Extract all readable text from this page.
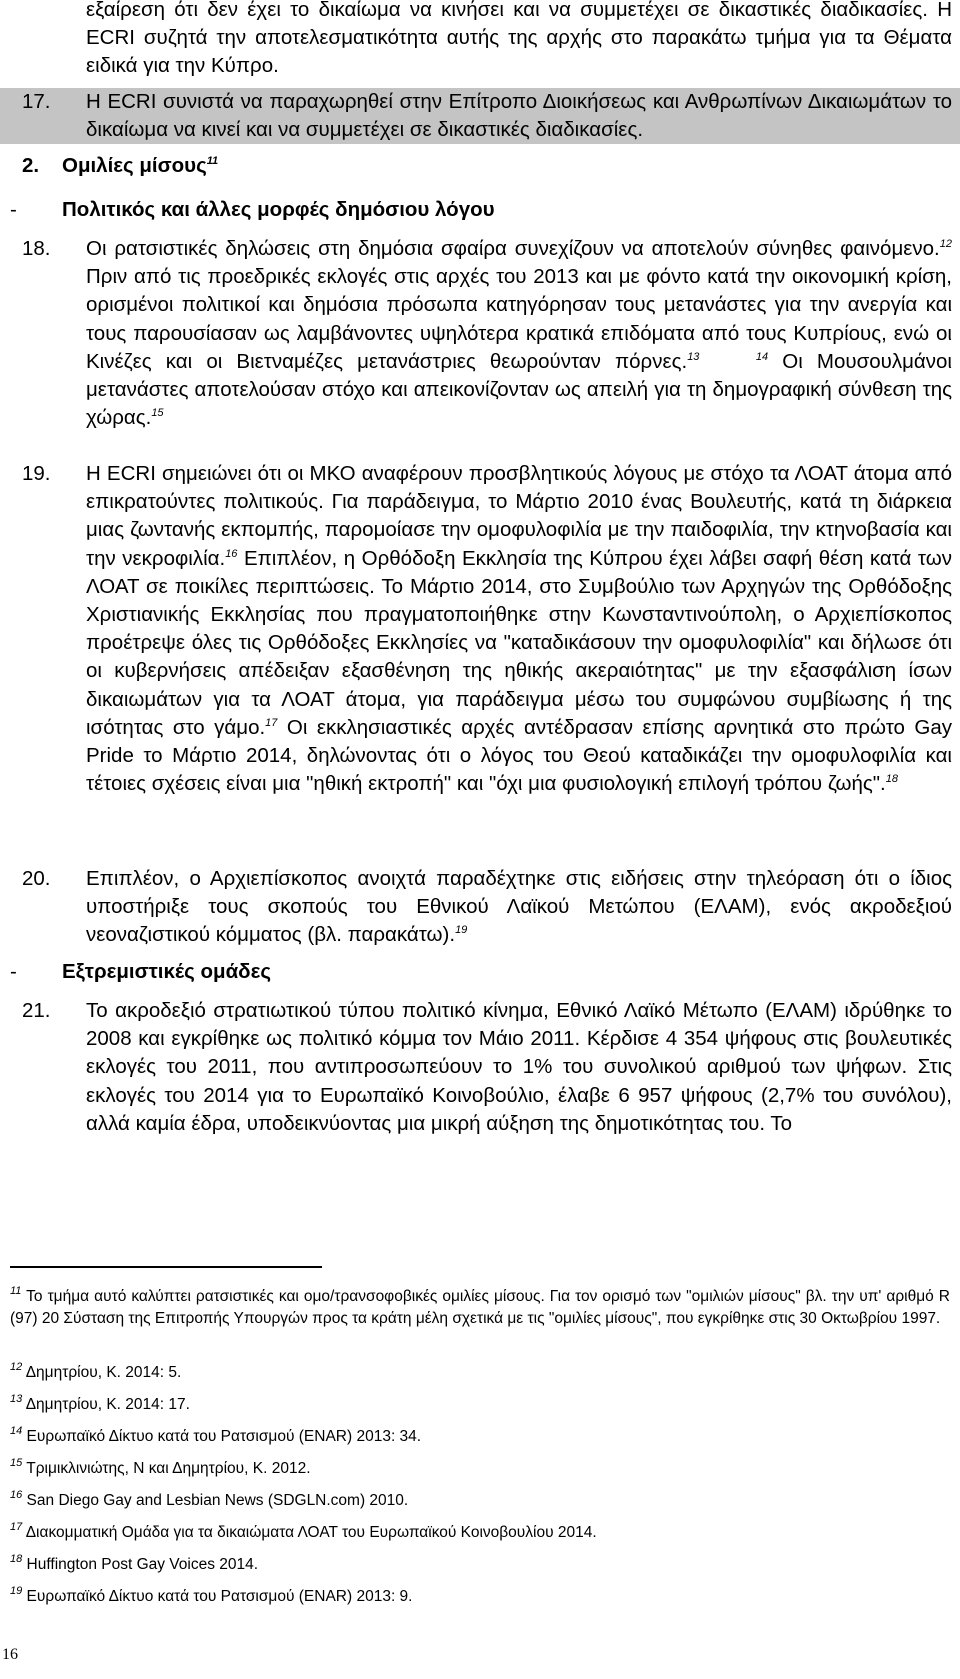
εξαίρεση ότι δεν έχει το δικαίωμα να κινήσει και να συμμετέχει σε δικαστικές διαδικασίες. Η ECRI συζητά την αποτελεσματικότητα αυτής της αρχής στο παρακάτω τμήμα για τα Θέματα ειδικά για την Κύπρο.

17. Η ECRI συνιστά να παραχωρηθεί στην Επίτροπο Διοικήσεως και Ανθρωπίνων Δικαιωμάτων το δικαίωμα να κινεί και να συμμετέχει σε δικαστικές διαδικασίες.

2. Ομιλίες μίσους$^{11}$
- Πολιτικός και άλλες μορφές δημόσιου λόγου
18. Οι ρατσιστικές δηλώσεις στη δημόσια σφαίρα συνεχίζουν να αποτελούν σύνηθες φαινόμενο.$^{12}$ Πριν από τις προεδρικές εκλογές στις αρχές του 2013 και με φόντο κατά την οικονομική κρίση, ορισμένοι πολιτικοί και δημόσια πρόσωπα κατηγόρησαν τους μετανάστες για την ανεργία και τους παρουσίασαν ως λαμβάνοντες υψηλότερα κρατικά επιδόματα από τους Κυπρίους, ενώ οι Κινέζες και οι Βιετναμέζες μετανάστριες θεωρούνταν πόρνες.$^{13}$	$^{14}$ Οι Μουσουλμάνοι μετανάστες αποτελούσαν στόχο και απεικονίζονταν ως απειλή για τη δημογραφική σύνθεση της χώρας.$^{15}$

19. Η ECRI σημειώνει ότι οι ΜΚΟ αναφέρουν προσβλητικούς λόγους με στόχο τα ΛΟΑΤ άτομα από επικρατούντες πολιτικούς. Για παράδειγμα, το Μάρτιο 2010 ένας Βουλευτής, κατά τη διάρκεια μιας ζωντανής εκπομπής, παρομοίασε την ομοφυλοφιλία με την παιδοφιλία, την κτηνοβασία και την νεκροφιλία.$^{16}$ Επιπλέον, η Ορθόδοξη Εκκλησία της Κύπρου έχει λάβει σαφή θέση κατά των ΛΟΑΤ σε ποικίλες περιπτώσεις. Το Μάρτιο 2014, στο Συμβούλιο των Αρχηγών της Ορθόδοξης Χριστιανικής Εκκλησίας που πραγματοποιήθηκε στην Κωνσταντινούπολη, ο Αρχιεπίσκοπος προέτρεψε όλες τις Ορθόδοξες Εκκλησίες να "καταδικάσουν την ομοφυλοφιλία" και δήλωσε ότι οι κυβερνήσεις απέδειξαν εξασθένηση της ηθικής ακεραιότητας" με την εξασφάλιση ίσων δικαιωμάτων για τα ΛΟΑΤ άτομα, για παράδειγμα μέσω του συμφώνου συμβίωσης ή της ισότητας στο γάμο.$^{17}$ Οι εκκλησιαστικές αρχές αντέδρασαν επίσης αρνητικά στο πρώτο Gay Pride το Μάρτιο 2014, δηλώνοντας ότι ο λόγος του Θεού καταδικάζει την ομοφυλοφιλία και τέτοιες σχέσεις είναι μια "ηθική εκτροπή" και "όχι μια φυσιολογική επιλογή τρόπου ζωής".$^{18}$

20. Επιπλέον, ο Αρχιεπίσκοπος ανοιχτά παραδέχτηκε στις ειδήσεις στην τηλεόραση ότι ο ίδιος υποστήριξε τους σκοπούς του Εθνικού Λαϊκού Μετώπου (ΕΛΑΜ), ενός ακροδεξιού νεοναζιστικού κόμματος (βλ. παρακάτω).$^{19}$

- Εξτρεμιστικές ομάδες
21. Το ακροδεξιό στρατιωτικού τύπου πολιτικό κίνημα, Εθνικό Λαϊκό Μέτωπο (ΕΛΑΜ) ιδρύθηκε το 2008 και εγκρίθηκε ως πολιτικό κόμμα τον Μάιο 2011. Κέρδισε 4 354 ψήφους στις βουλευτικές εκλογές του 2011, που αντιπροσωπεύουν το 1% του συνολικού αριθμού των ψήφων. Στις εκλογές του 2014 για το Ευρωπαϊκό Κοινοβούλιο, έλαβε 6 957 ψήφους (2,7% του συνόλου), αλλά καμία έδρα, υποδεικνύοντας μια μικρή αύξηση της δημοτικότητας του. Το

$^{11}$ Το τμήμα αυτό καλύπτει ρατσιστικές και ομο/τρανσοφοβικές ομιλίες μίσους. Για τον ορισμό των "ομιλιών μίσους" βλ. την υπ' αριθμό R (97) 20 Σύσταση της Επιτροπής Υπουργών προς τα κράτη μέλη σχετικά με τις "ομιλίες μίσους", που εγκρίθηκε στις 30 Οκτωβρίου 1997.

$^{12}$ Δημητρίου, Κ. 2014: 5.

$^{13}$ Δημητρίου, Κ. 2014: 17.

$^{14}$ Ευρωπαϊκό Δίκτυο κατά του Ρατσισμού (ENAR) 2013: 34.

$^{15}$ Τριμικλινιώτης, Ν και Δημητρίου, Κ. 2012.

$^{16}$ San Diego Gay and Lesbian News (SDGLN.com) 2010.

$^{17}$ Διακομματική Ομάδα για τα δικαιώματα ΛΟΑΤ του Ευρωπαϊκού Κοινοβουλίου 2014.

$^{18}$ Huffington Post Gay Voices 2014.

$^{19}$ Ευρωπαϊκό Δίκτυο κατά του Ρατσισμού (ENAR) 2013: 9.

16
